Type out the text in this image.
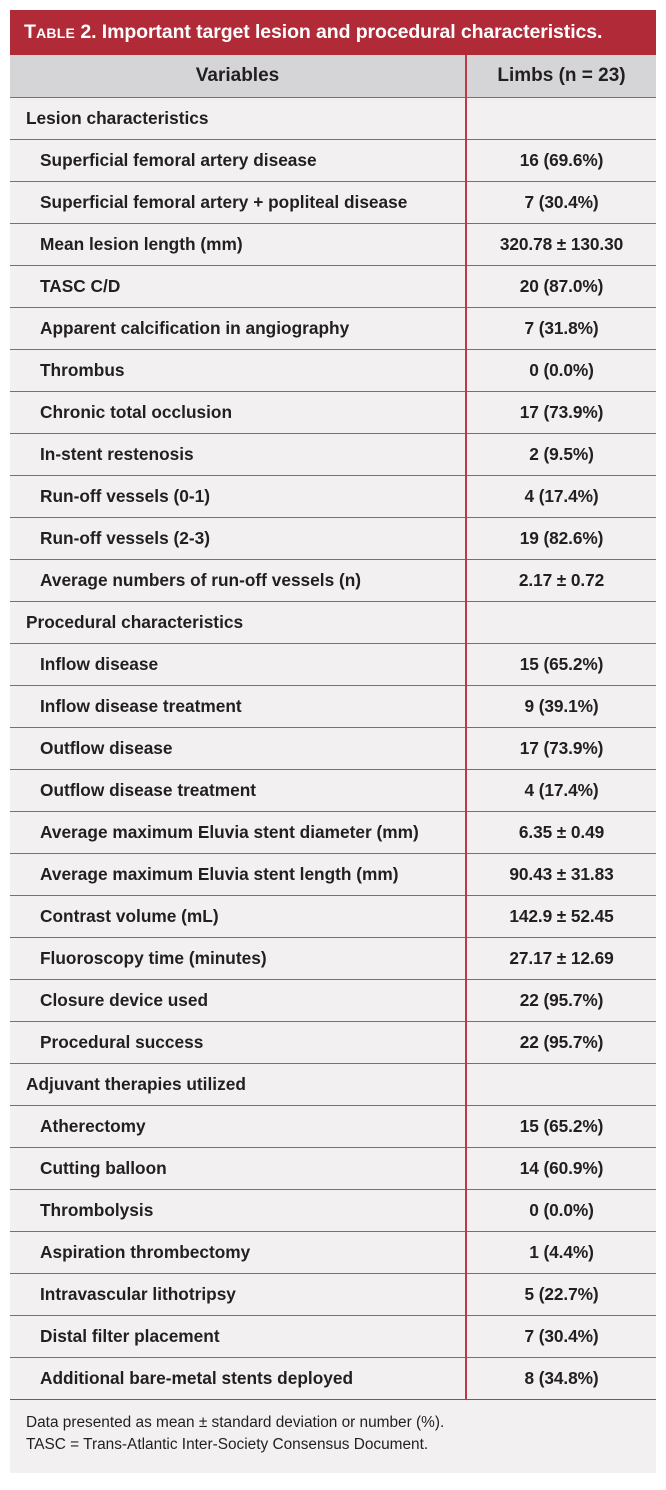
Table 2. Important target lesion and procedural characteristics.
Variables	Limbs (n = 23)
Lesion characteristics	
Superficial femoral artery disease	16 (69.6%)
Superficial femoral artery + popliteal disease	7 (30.4%)
Mean lesion length (mm)	320.78 ± 130.30
TASC C/D	20 (87.0%)
Apparent calcification in angiography	7 (31.8%)
Thrombus	0 (0.0%)
Chronic total occlusion	17 (73.9%)
In-stent restenosis	2 (9.5%)
Run-off vessels (0-1)	4 (17.4%)
Run-off vessels (2-3)	19 (82.6%)
Average numbers of run-off vessels (n)	2.17 ± 0.72
Procedural characteristics	
Inflow disease	15 (65.2%)
Inflow disease treatment	9 (39.1%)
Outflow disease	17 (73.9%)
Outflow disease treatment	4 (17.4%)
Average maximum Eluvia stent diameter (mm)	6.35 ± 0.49
Average maximum Eluvia stent length (mm)	90.43 ± 31.83
Contrast volume (mL)	142.9 ± 52.45
Fluoroscopy time (minutes)	27.17 ± 12.69
Closure device used	22 (95.7%)
Procedural success	22 (95.7%)
Adjuvant therapies utilized	
Atherectomy	15 (65.2%)
Cutting balloon	14 (60.9%)
Thrombolysis	0 (0.0%)
Aspiration thrombectomy	1 (4.4%)
Intravascular lithotripsy	5 (22.7%)
Distal filter placement	7 (30.4%)
Additional bare-metal stents deployed	8 (34.8%)
Data presented as mean ± standard deviation or number (%).
TASC = Trans-Atlantic Inter-Society Consensus Document.
